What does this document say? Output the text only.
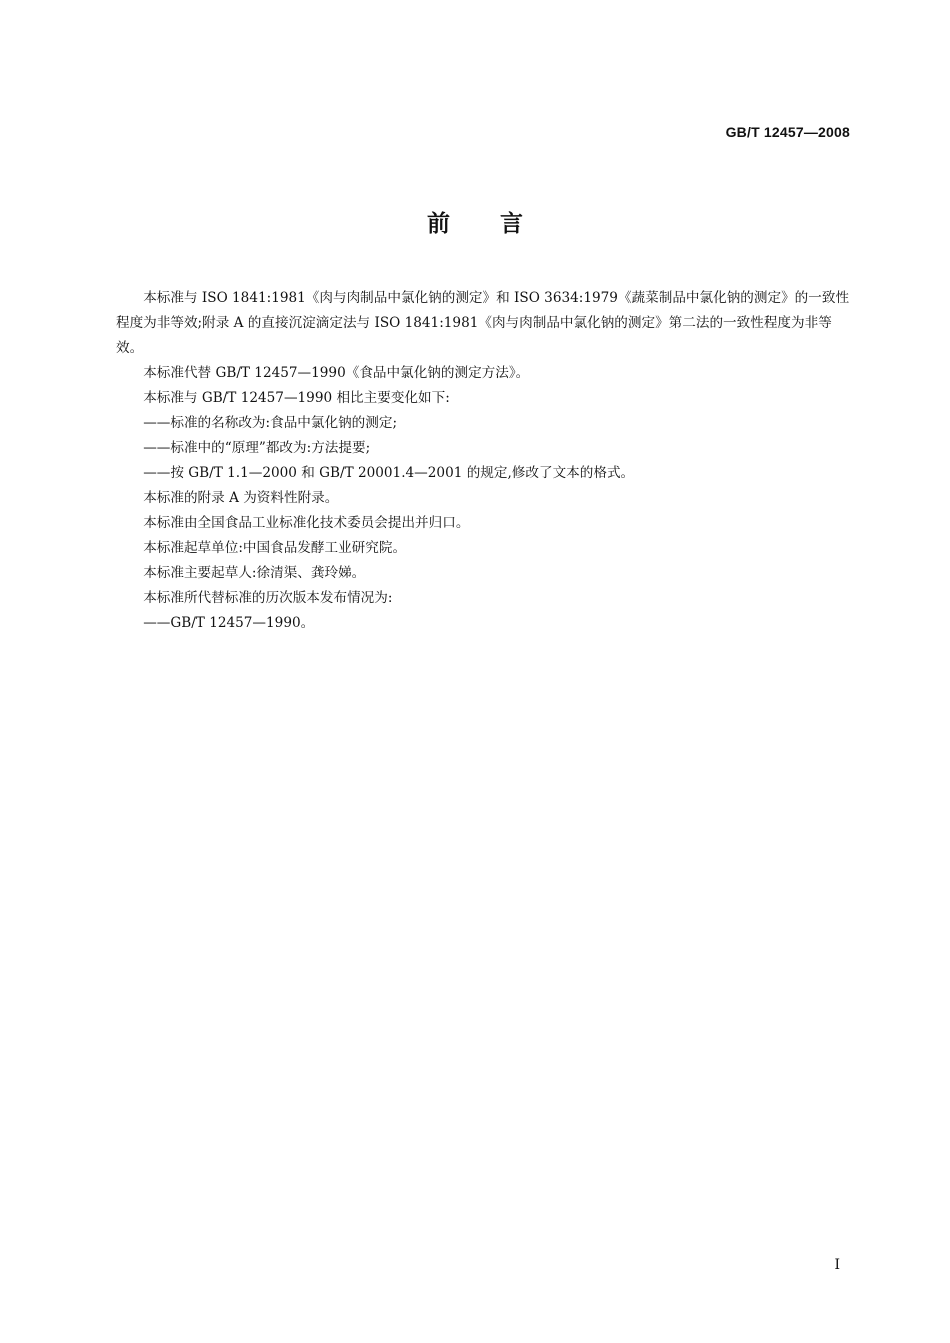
GB/T 12457—2008
前言

本标准与 ISO 1841:1981《肉与肉制品中氯化钠的测定》和 ISO 3634:1979《蔬菜制品中氯化钠的测定》的一致性程度为非等效;附录 A 的直接沉淀滴定法与 ISO 1841:1981《肉与肉制品中氯化钠的测定》第二法的一致性程度为非等效。

本标准代替 GB/T 12457—1990《食品中氯化钠的测定方法》。

本标准与 GB/T 12457—1990 相比主要变化如下:

——标准的名称改为:食品中氯化钠的测定;

——标准中的“原理”都改为:方法提要;

——按 GB/T 1.1—2000 和 GB/T 20001.4—2001 的规定,修改了文本的格式。

本标准的附录 A 为资料性附录。

本标准由全国食品工业标准化技术委员会提出并归口。

本标准起草单位:中国食品发酵工业研究院。

本标准主要起草人:徐清渠、龚玲娣。

本标准所代替标准的历次版本发布情况为:

——GB/T 12457—1990。

I
